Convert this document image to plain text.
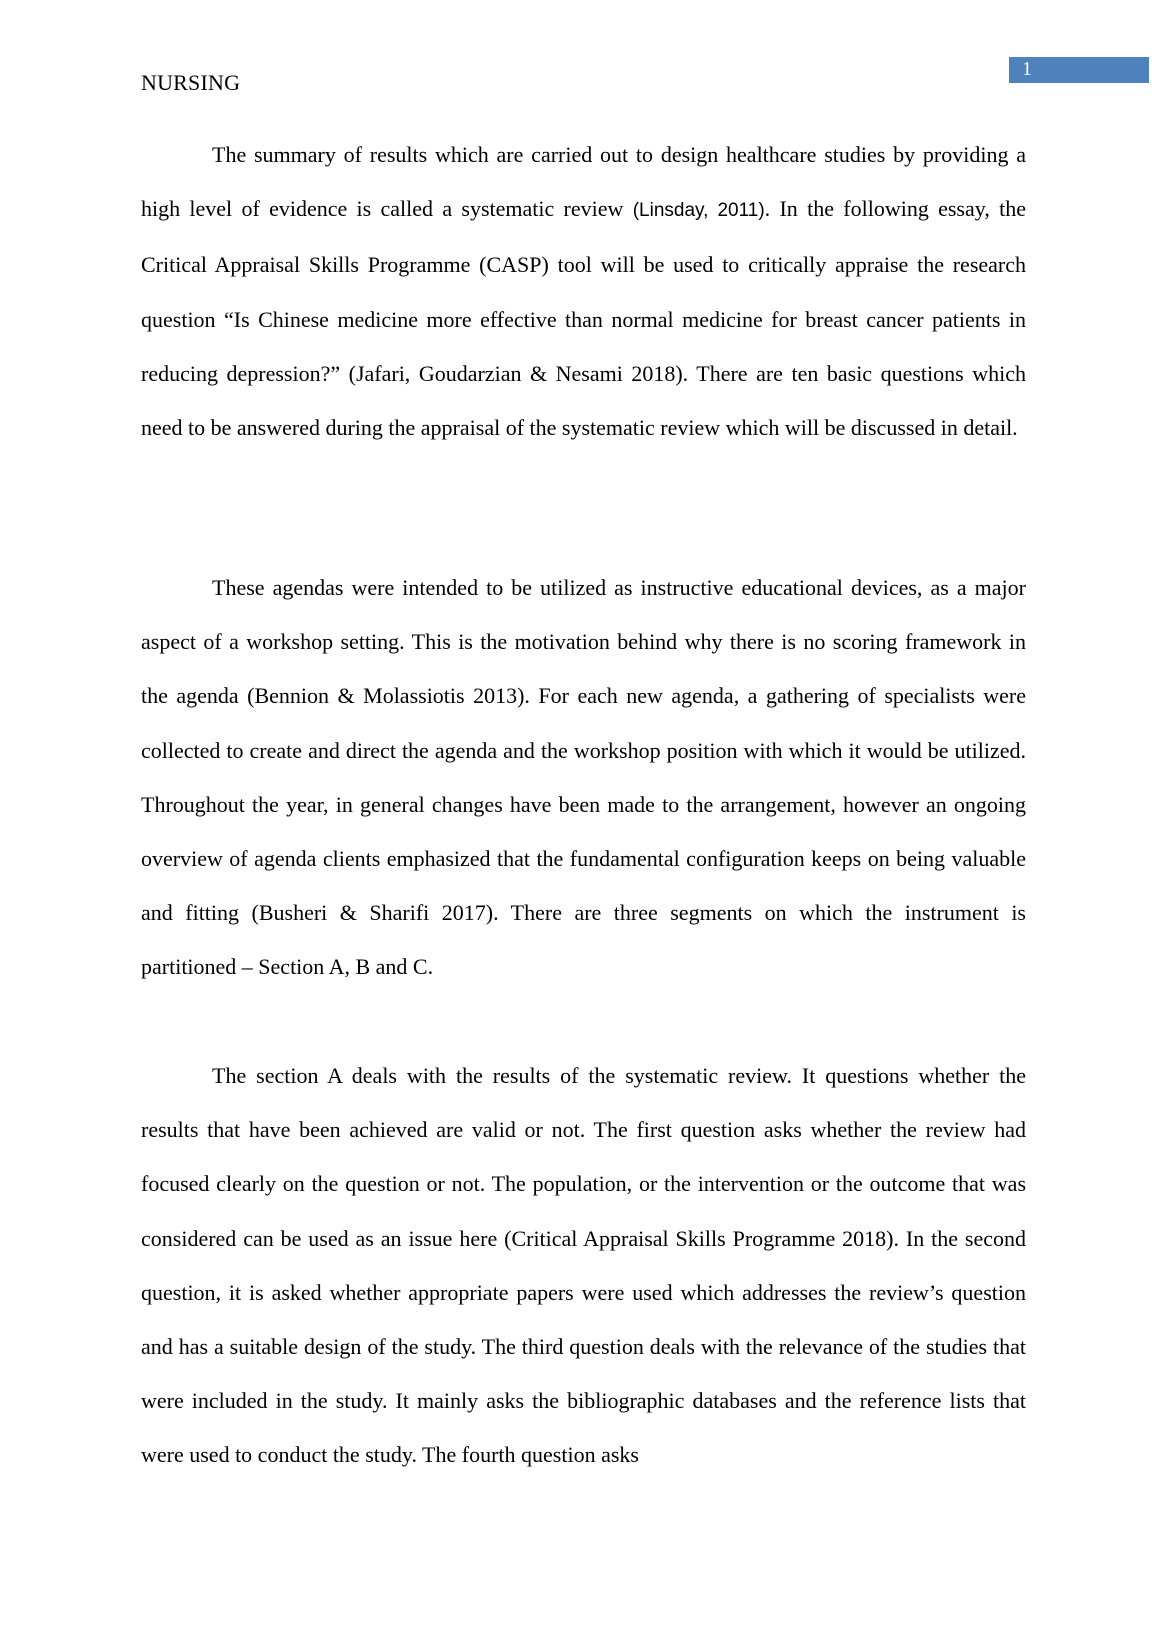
NURSING
1

The summary of results which are carried out to design healthcare studies by providing a high level of evidence is called a systematic review (Linsday, 2011). In the following essay, the Critical Appraisal Skills Programme (CASP) tool will be used to critically appraise the research question “Is Chinese medicine more effective than normal medicine for breast cancer patients in reducing depression?” (Jafari, Goudarzian & Nesami 2018). There are ten basic questions which need to be answered during the appraisal of the systematic review which will be discussed in detail.

These agendas were intended to be utilized as instructive educational devices, as a major aspect of a workshop setting. This is the motivation behind why there is no scoring framework in the agenda (Bennion & Molassiotis 2013). For each new agenda, a gathering of specialists were collected to create and direct the agenda and the workshop position with which it would be utilized. Throughout the year, in general changes have been made to the arrangement, however an ongoing overview of agenda clients emphasized that the fundamental configuration keeps on being valuable and fitting (Busheri & Sharifi 2017). There are three segments on which the instrument is partitioned – Section A, B and C.

The section A deals with the results of the systematic review. It questions whether the results that have been achieved are valid or not. The first question asks whether the review had focused clearly on the question or not. The population, or the intervention or the outcome that was considered can be used as an issue here (Critical Appraisal Skills Programme 2018). In the second question, it is asked whether appropriate papers were used which addresses the review’s question and has a suitable design of the study. The third question deals with the relevance of the studies that were included in the study. It mainly asks the bibliographic databases and the reference lists that were used to conduct the study. The fourth question asks
